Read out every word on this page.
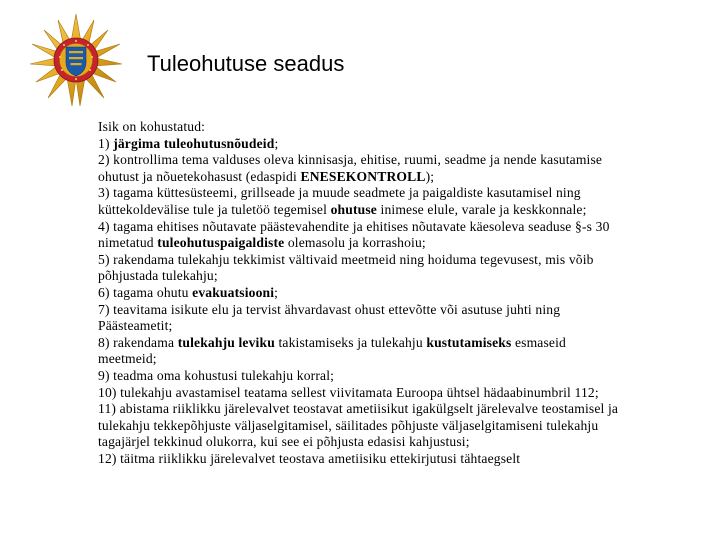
Tuleohutuse seadus
Isik on kohustatud:
1) järgima tuleohutusnõudeid;
2) kontrollima tema valduses oleva kinnisasja, ehitise, ruumi, seadme ja nende kasutamise
ohutust ja nõuetekohasust (edaspidi ENESEKONTROLL);
3) tagama küttesüsteemi, grillseade ja muude seadmete ja paigaldiste kasutamisel ning
küttekoldevälise tule ja tuletöö tegemisel ohutuse inimese elule, varale ja keskkonnale;
4) tagama ehitises nõutavate päästevahendite ja ehitises nõutavate käesoleva seaduse §-s 30
nimetatud tuleohutuspaigaldiste olemasolu ja korrashoiu;
5) rakendama tulekahju tekkimist vältivaid meetmeid ning hoiduma tegevusest, mis võib
põhjustada tulekahju;
6) tagama ohutu evakuatsiooni;
7) teavitama isikute elu ja tervist ähvardavast ohust ettevõtte või asutuse juhti ning
Päästeametit;
8) rakendama tulekahju leviku takistamiseks ja tulekahju kustutamiseks esmaseid
meetmeid;
9) teadma oma kohustusi tulekahju korral;
10) tulekahju avastamisel teatama sellest viivitamata Euroopa ühtsel hädaabinumbril 112;
11) abistama riiklikku järelevalvet teostavat ametiisikut igakülgselt järelevalve teostamisel ja
tulekahju tekkepõhjuste väljaselgitamisel, säilitades põhjuste väljaselgitamiseni tulekahju
tagajärjel tekkinud olukorra, kui see ei põhjusta edasisi kahjustusi;
12) täitma riiklikku järelevalvet teostava ametiisiku ettekirjutusi tähtaegselt
